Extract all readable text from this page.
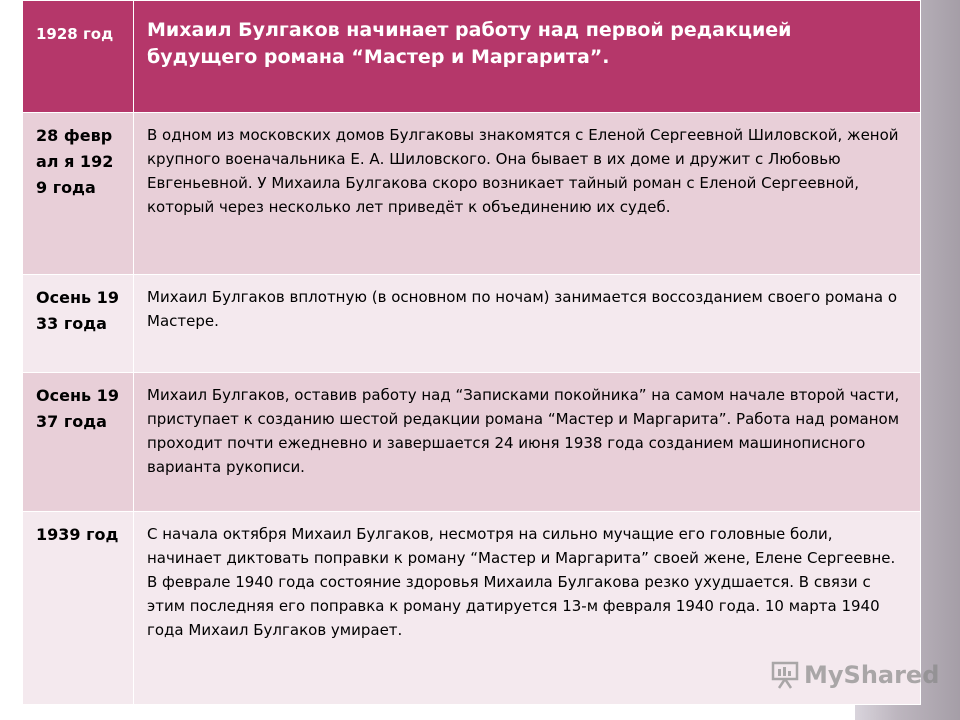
1928 год	Михаил Булгаков начинает работу над первой редакцией будущего романа “Мастер и Маргарита”.
28 феврал я 1929 года	В одном из московских домов Булгаковы знакомятся с Еленой Сергеевной Шиловской, женой крупного военачальника Е. А. Шиловского. Она бывает в их доме и дружит с Любовью Евгеньевной. У Михаила Булгакова скоро возникает тайный роман с Еленой Сергеевной, который через несколько лет приведёт к объединению их судеб.
Осень 1933 года	Михаил Булгаков вплотную (в основном по ночам) занимается воссозданием своего романа о Мастере.
Осень 1937 года	Михаил Булгаков, оставив работу над “Записками покойника” на самом начале второй части, приступает к созданию шестой редакции романа “Мастер и Маргарита”. Работа над романом проходит почти ежедневно и завершается 24 июня 1938 года созданием машинописного варианта рукописи.
1939 год	С начала октября Михаил Булгаков, несмотря на сильно мучащие его головные боли, начинает диктовать поправки к роману “Мастер и Маргарита” своей жене, Елене Сергеевне. В феврале 1940 года состояние здоровья Михаила Булгакова резко ухудшается. В связи с этим последняя его поправка к роману датируется 13-м февраля 1940 года. 10 марта 1940 года Михаил Булгаков умирает.
MyShared
